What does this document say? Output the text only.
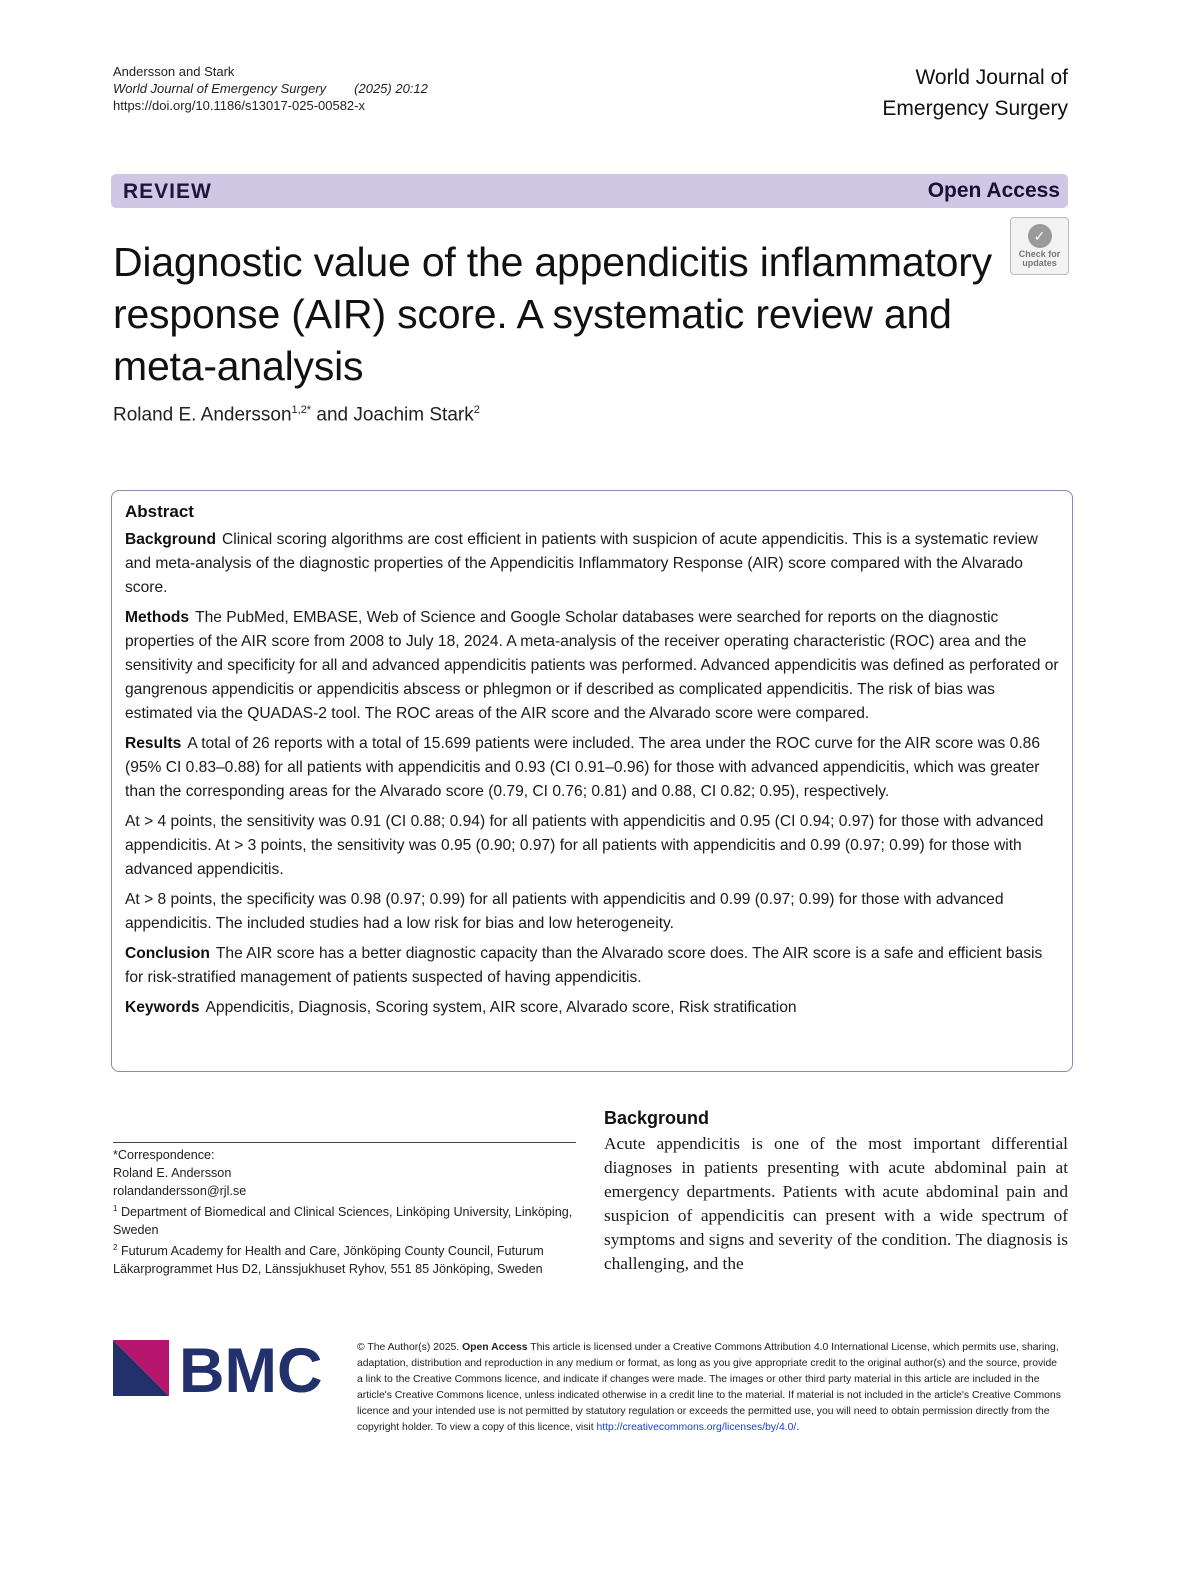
Andersson and Stark
World Journal of Emergency Surgery (2025) 20:12
https://doi.org/10.1186/s13017-025-00582-x
World Journal of
Emergency Surgery
REVIEW	Open Access
Diagnostic value of the appendicitis inflammatory response (AIR) score. A systematic review and meta-analysis
✓
Check for
updates
Roland E. Andersson$^{1,2*}$ and Joachim Stark$^2$
Abstract

Background Clinical scoring algorithms are cost efficient in patients with suspicion of acute appendicitis. This is a systematic review and meta-analysis of the diagnostic properties of the Appendicitis Inflammatory Response (AIR) score compared with the Alvarado score.

Methods The PubMed, EMBASE, Web of Science and Google Scholar databases were searched for reports on the diagnostic properties of the AIR score from 2008 to July 18, 2024. A meta-analysis of the receiver operating characteristic (ROC) area and the sensitivity and specificity for all and advanced appendicitis patients was performed. Advanced appendicitis was defined as perforated or gangrenous appendicitis or appendicitis abscess or phlegmon or if described as complicated appendicitis. The risk of bias was estimated via the QUADAS-2 tool. The ROC areas of the AIR score and the Alvarado score were compared.

Results A total of 26 reports with a total of 15.699 patients were included. The area under the ROC curve for the AIR score was 0.86 (95% CI 0.83–0.88) for all patients with appendicitis and 0.93 (CI 0.91–0.96) for those with advanced appendicitis, which was greater than the corresponding areas for the Alvarado score (0.79, CI 0.76; 0.81) and 0.88, CI 0.82; 0.95), respectively.

At > 4 points, the sensitivity was 0.91 (CI 0.88; 0.94) for all patients with appendicitis and 0.95 (CI 0.94; 0.97) for those with advanced appendicitis. At > 3 points, the sensitivity was 0.95 (0.90; 0.97) for all patients with appendicitis and 0.99 (0.97; 0.99) for those with advanced appendicitis.

At > 8 points, the specificity was 0.98 (0.97; 0.99) for all patients with appendicitis and 0.99 (0.97; 0.99) for those with advanced appendicitis. The included studies had a low risk for bias and low heterogeneity.

Conclusion The AIR score has a better diagnostic capacity than the Alvarado score does. The AIR score is a safe and efficient basis for risk-stratified management of patients suspected of having appendicitis.

Keywords Appendicitis, Diagnosis, Scoring system, AIR score, Alvarado score, Risk stratification

*Correspondence:
Roland E. Andersson
rolandandersson@rjl.se
$^1$ Department of Biomedical and Clinical Sciences, Linköping University, Linköping, Sweden
$^2$ Futurum Academy for Health and Care, Jönköping County Council, Futurum Läkarprogrammet Hus D2, Länssjukhuset Ryhov, 551 85 Jönköping, Sweden
Background
Acute appendicitis is one of the most important differential diagnoses in patients presenting with acute abdominal pain at emergency departments. Patients with acute abdominal pain and suspicion of appendicitis can present with a wide spectrum of symptoms and signs and severity of the condition. The diagnosis is challenging, and the
BMC	© The Author(s) 2025. Open Access This article is licensed under a Creative Commons Attribution 4.0 International License, which permits use, sharing, adaptation, distribution and reproduction in any medium or format, as long as you give appropriate credit to the original author(s) and the source, provide a link to the Creative Commons licence, and indicate if changes were made. The images or other third party material in this article are included in the article's Creative Commons licence, unless indicated otherwise in a credit line to the material. If material is not included in the article's Creative Commons licence and your intended use is not permitted by statutory regulation or exceeds the permitted use, you will need to obtain permission directly from the copyright holder. To view a copy of this licence, visit http://creativecommons.org/licenses/by/4.0/.
